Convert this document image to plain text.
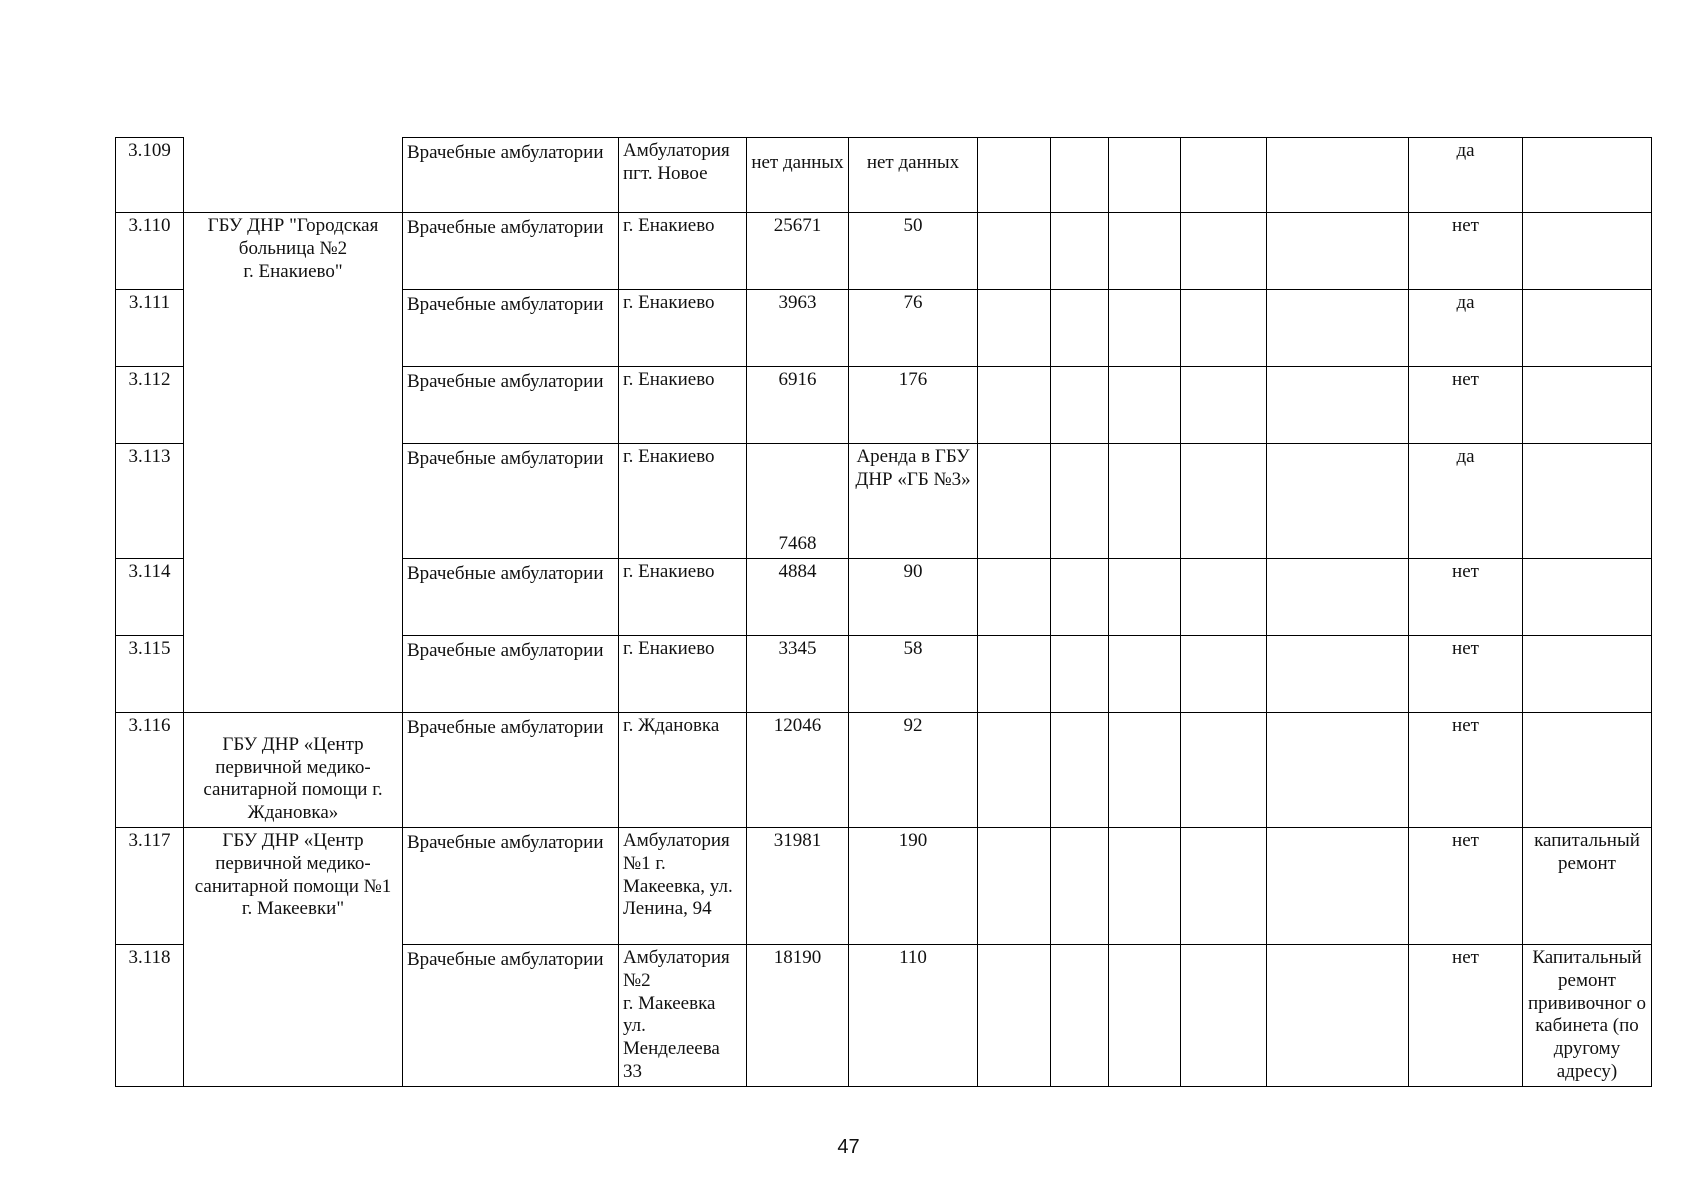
3.109		Врачебные амбулатории	Амбулатория пгт. Новое	нет данных	нет данных						да	
3.110	ГБУ ДНР "Городская больница №2
г. Енакиево"	Врачебные амбулатории	г. Енакиево	25671	50						нет	
3.111		Врачебные амбулатории	г. Енакиево	3963	76						да	
3.112		Врачебные амбулатории	г. Енакиево	6916	176						нет	
3.113		Врачебные амбулатории	г. Енакиево	7468	Аренда в ГБУ ДНР «ГБ №3»						да	
3.114		Врачебные амбулатории	г. Енакиево	4884	90						нет	
3.115		Врачебные амбулатории	г. Енакиево	3345	58						нет	
3.116	ГБУ ДНР «Центр первичной медико-санитарной помощи г. Ждановка»	Врачебные амбулатории	г. Ждановка	12046	92						нет	
3.117	ГБУ ДНР «Центр первичной медико-санитарной помощи №1 г. Макеевки"	Врачебные амбулатории	Амбулатория №1 г. Макеевка, ул. Ленина, 94	31981	190						нет	капитальный ремонт
3.118		Врачебные амбулатории	Амбулатория №2
г. Макеевка ул. Менделеева 33	18190	110						нет	Капитальный ремонт прививочног о кабинета (по другому адресу)
47
